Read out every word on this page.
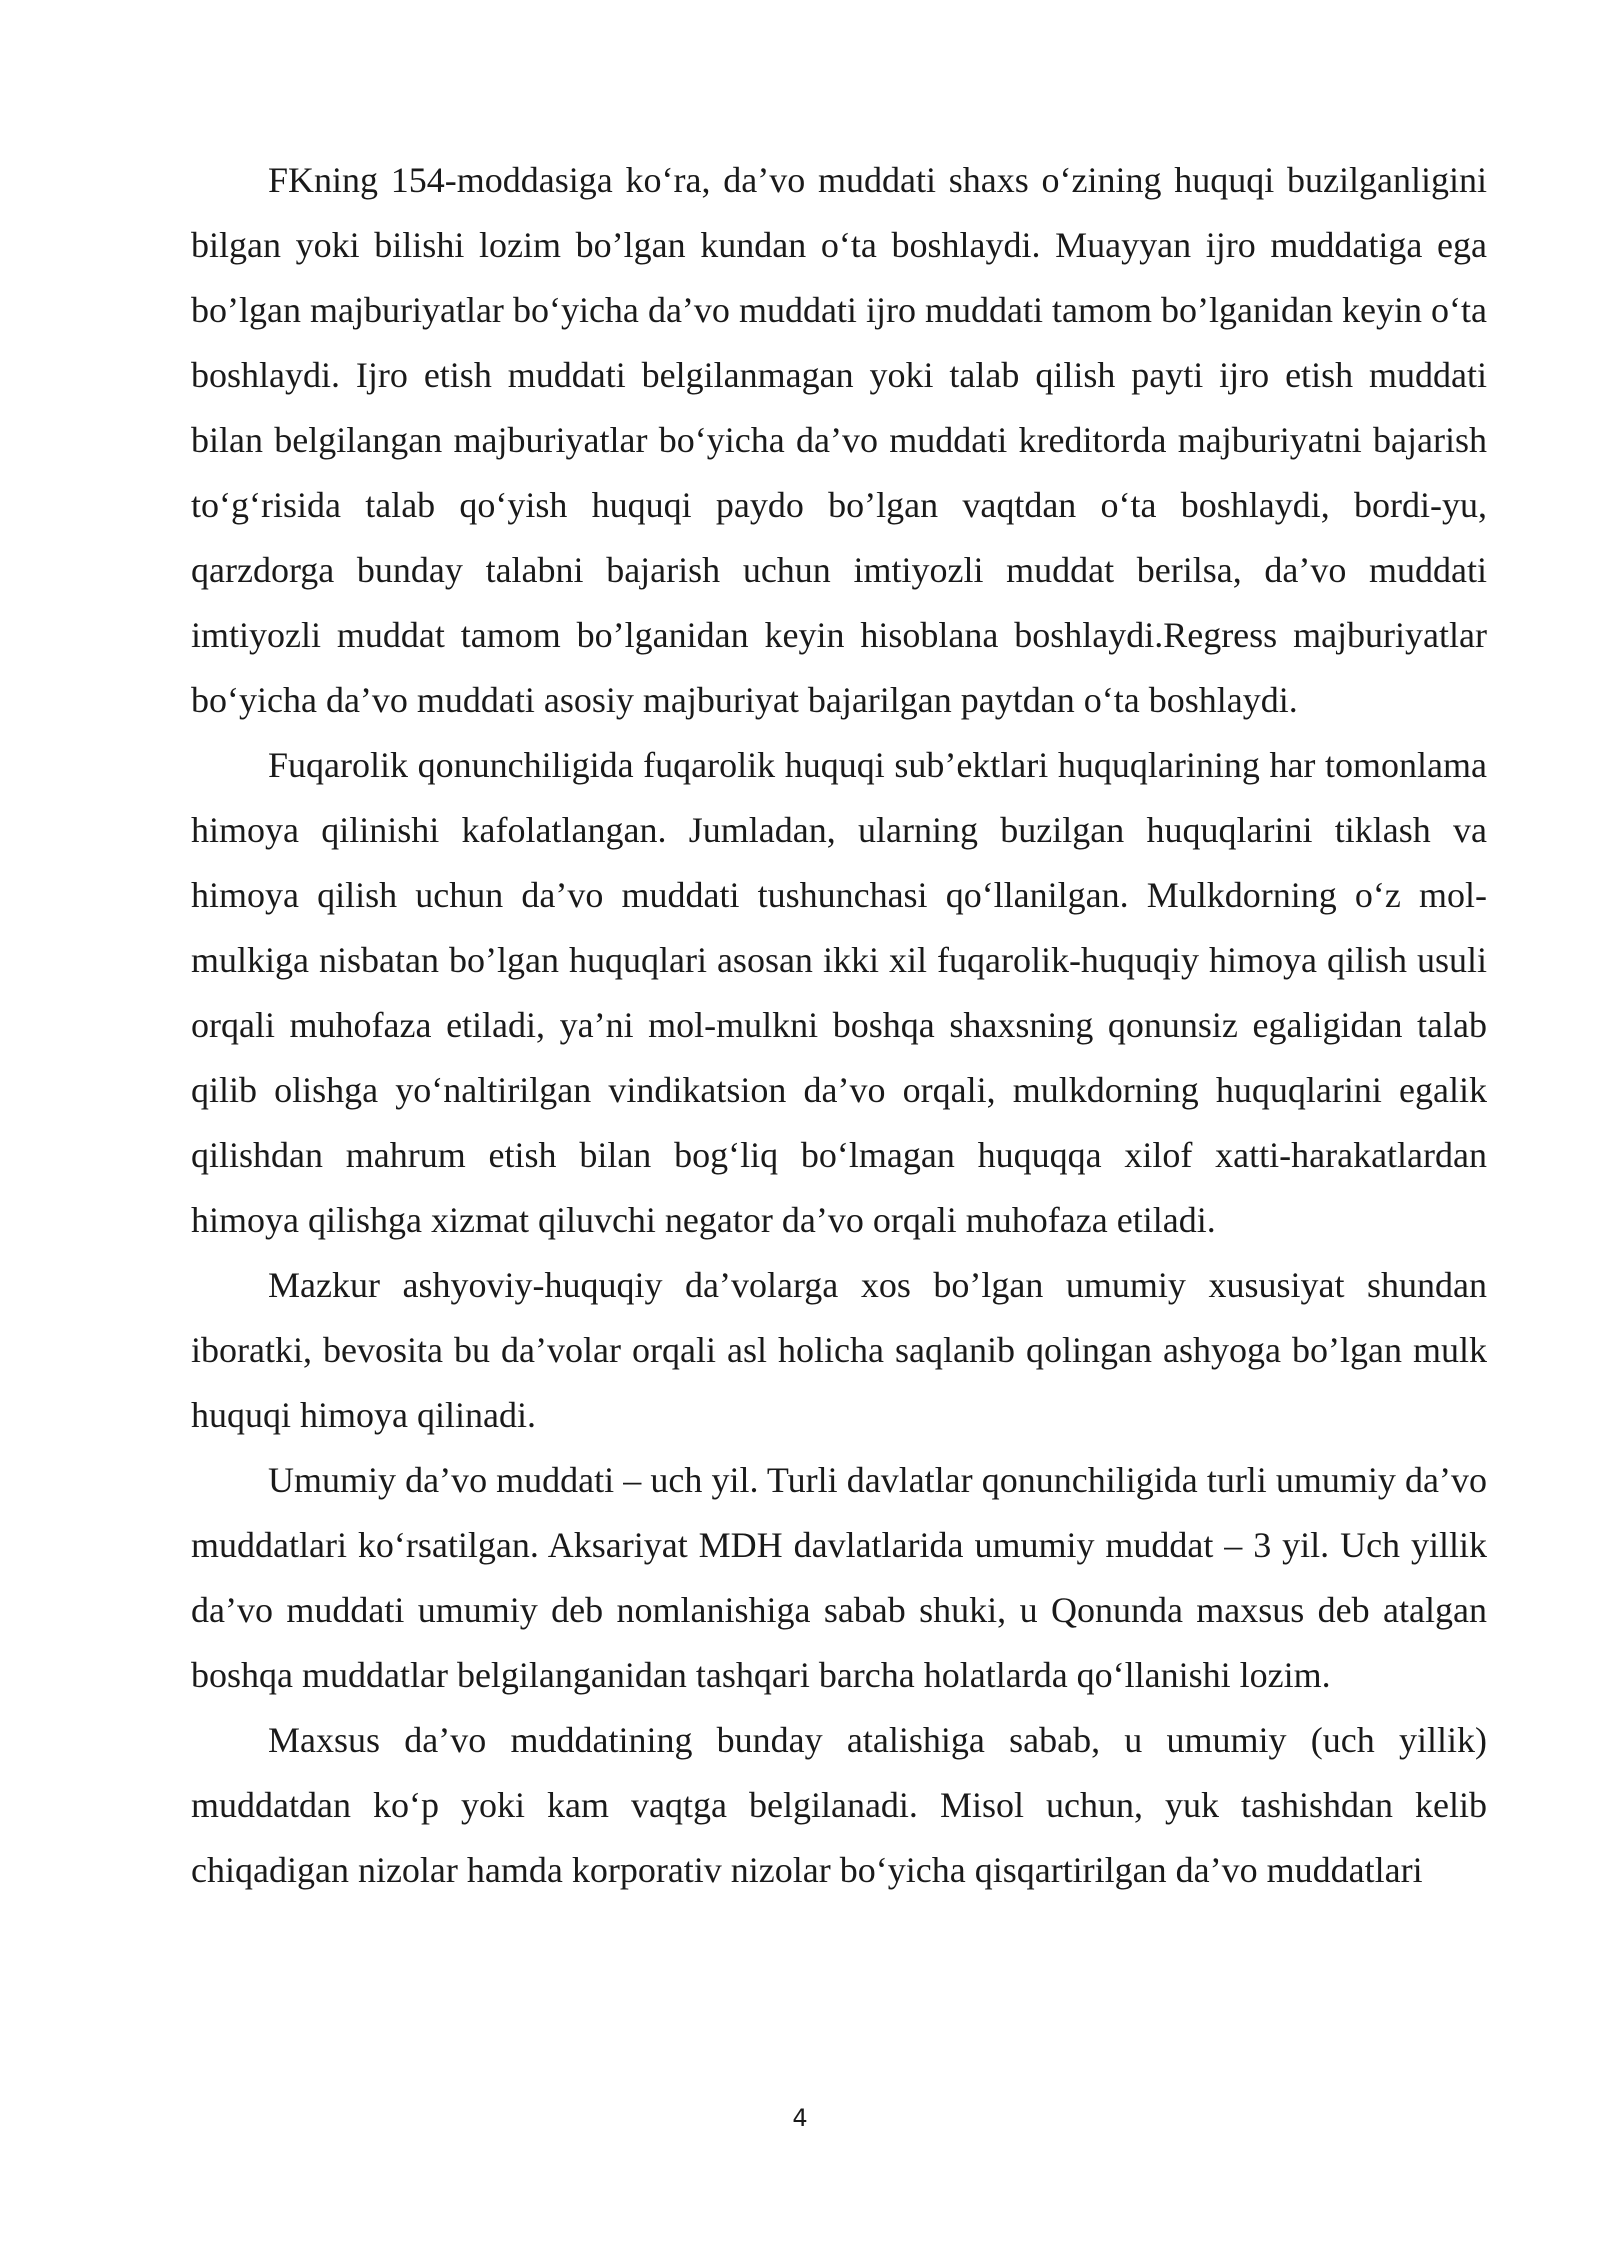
FKning 154-moddasiga ko‘ra, da’vo muddati shaxs o‘zining huquqi buzilganligini bilgan yoki bilishi lozim bo’lgan kundan o‘ta boshlaydi. Muayyan ijro muddatiga ega bo’lgan majburiyatlar bo‘yicha da’vo muddati ijro muddati tamom bo’lganidan keyin o‘ta boshlaydi. Ijro etish muddati belgilanmagan yoki talab qilish payti ijro etish muddati bilan belgilangan majburiyatlar bo‘yicha da’vo muddati kreditorda majburiyatni bajarish to‘g‘risida talab qo‘yish huquqi paydo bo’lgan vaqtdan o‘ta boshlaydi, bordi-yu, qarzdorga bunday talabni bajarish uchun imtiyozli muddat berilsa, da’vo muddati imtiyozli muddat tamom bo’lganidan keyin hisoblana boshlaydi.Regress majburiyatlar bo‘yicha da’vo muddati asosiy majburiyat bajarilgan paytdan o‘ta boshlaydi.

Fuqarolik qonunchiligida fuqarolik huquqi sub’ektlari huquqlarining har tomonlama himoya qilinishi kafolatlangan. Jumladan, ularning buzilgan huquqlarini tiklash va himoya qilish uchun da’vo muddati tushunchasi qo‘llanilgan. Mulkdorning o‘z mol-mulkiga nisbatan bo’lgan huquqlari asosan ikki xil fuqarolik-huquqiy himoya qilish usuli orqali muhofaza etiladi, ya’ni mol-mulkni boshqa shaxsning qonunsiz egaligidan talab qilib olishga yo‘naltirilgan vindikatsion da’vo orqali, mulkdorning huquqlarini egalik qilishdan mahrum etish bilan bog‘liq bo‘lmagan huquqqa xilof xatti-harakatlardan himoya qilishga xizmat qiluvchi negator da’vo orqali muhofaza etiladi.

Mazkur ashyoviy-huquqiy da’volarga xos bo’lgan umumiy xususiyat shundan iboratki, bevosita bu da’volar orqali asl holicha saqlanib qolingan ashyoga bo’lgan mulk huquqi himoya qilinadi.

Umumiy da’vo muddati – uch yil. Turli davlatlar qonunchiligida turli umumiy da’vo muddatlari ko‘rsatilgan. Aksariyat MDH davlatlarida umumiy muddat – 3 yil. Uch yillik da’vo muddati umumiy deb nomlanishiga sabab shuki, u Qonunda maxsus deb atalgan boshqa muddatlar belgilanganidan tashqari barcha holatlarda qo‘llanishi lozim.

Maxsus da’vo muddatining bunday atalishiga sabab, u umumiy (uch yillik) muddatdan ko‘p yoki kam vaqtga belgilanadi. Misol uchun, yuk tashishdan kelib chiqadigan nizolar hamda korporativ nizolar bo‘yicha qisqartirilgan da’vo muddatlari

4
